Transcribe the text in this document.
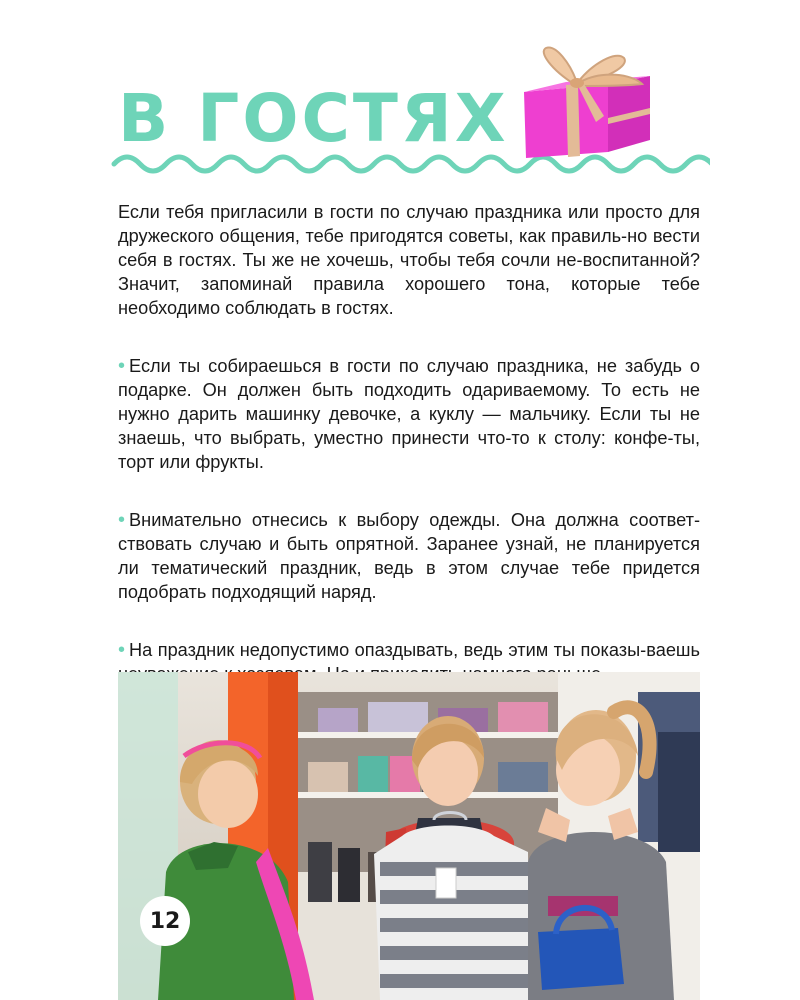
В ГОСТЯХ

Если тебя пригласили в гости по случаю праздника или просто для дружеского общения, тебе пригодятся советы, как правиль-но вести себя в гостях. Ты же не хочешь, чтобы тебя сочли не-воспитанной? Значит, запоминай правила хорошего тона, которые тебе необходимо соблюдать в гостях.

• Если ты собираешься в гости по случаю праздника, не забудь о подарке. Он должен быть подходить одариваемому. То есть не нужно дарить машинку девочке, а куклу — мальчику. Если ты не знаешь, что выбрать, уместно принести что-то к столу: конфе-ты, торт или фрукты.

• Внимательно отнесись к выбору одежды. Она должна соответ-ствовать случаю и быть опрятной. Заранее узнай, не планируется ли тематический праздник, ведь в этом случае тебе придется подобрать подходящий наряд.

• На праздник недопустимо опаздывать, ведь этим ты показы-ваешь

12
